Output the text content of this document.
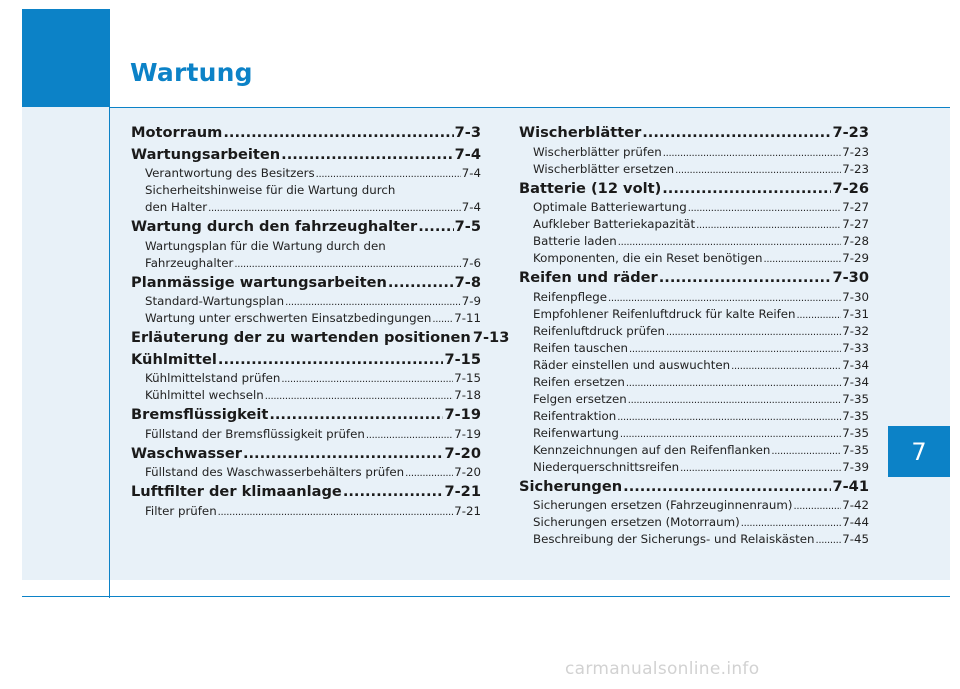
Wartung
7
Motorraum .....	7-3
Wartungsarbeiten .....	7-4
Verantwortung des Besitzers .....	7-4
Sicherheitshinweise für die Wartung durch
den Halter .....	7-4
Wartung durch den fahrzeughalter .....	7-5
Wartungsplan für die Wartung durch den
Fahrzeughalter .....	7-6
Planmässige wartungsarbeiten .....	7-8
Standard-Wartungsplan .....	7-9
Wartung unter erschwerten Einsatzbedingungen ..... 7-11
Erläuterung der zu wartenden positionen 7-13
Kühlmittel .....	7-15
Kühlmittelstand prüfen .....	7-15
Kühlmittel wechseln .....	7-18
Bremsflüssigkeit .....	7-19
Füllstand der Bremsflüssigkeit prüfen .....	7-19
Waschwasser .....	7-20
Füllstand des Waschwasserbehälters prüfen .....	7-20
Luftfilter der klimaanlage .....	7-21
Filter prüfen .....	7-21
Wischerblätter .....	7-23
Wischerblätter prüfen .....	7-23
Wischerblätter ersetzen .....	7-23
Batterie (12 volt) .....	7-26
Optimale Batteriewartung .....	7-27
Aufkleber Batteriekapazität .....	7-27
Batterie laden .....	7-28
Komponenten, die ein Reset benötigen .....	7-29
Reifen und räder .....	7-30
Reifenpflege .....	7-30
Empfohlener Reifenluftdruck für kalte Reifen .....	7-31
Reifenluftdruck prüfen .....	7-32
Reifen tauschen .....	7-33
Räder einstellen und auswuchten .....	7-34
Reifen ersetzen .....	7-34
Felgen ersetzen .....	7-35
Reifentraktion .....	7-35
Reifenwartung .....	7-35
Kennzeichnungen auf den Reifenflanken .....	7-35
Niederquerschnittsreifen .....	7-39
Sicherungen .....	7-41
Sicherungen ersetzen (Fahrzeuginnenraum) .....	7-42
Sicherungen ersetzen (Motorraum) .....	7-44
Beschreibung der Sicherungs- und Relaiskästen ..... 7-45
carmanualsonline.info
